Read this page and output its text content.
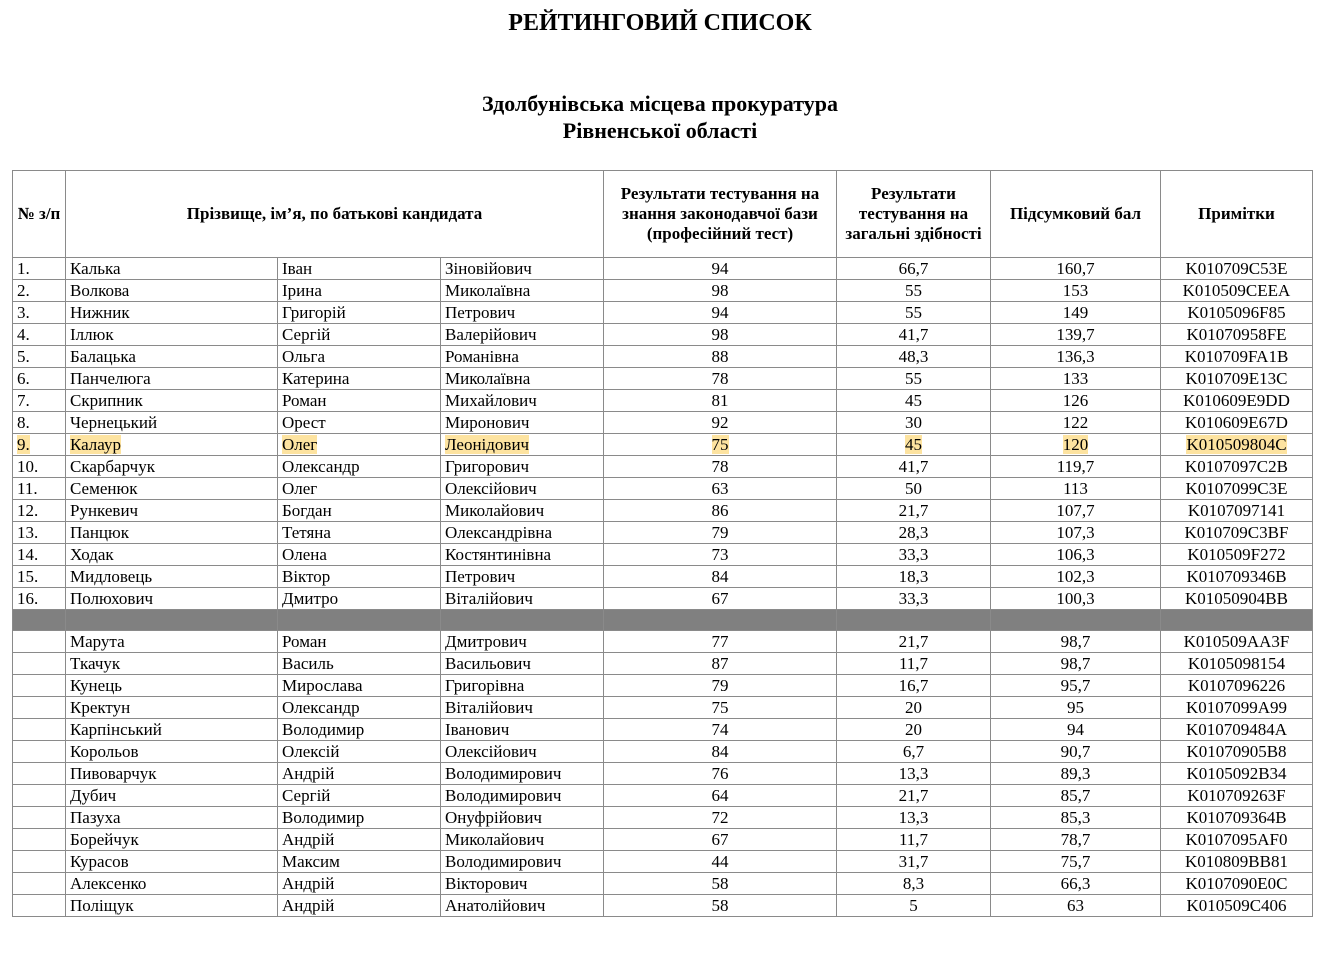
РЕЙТИНГОВИЙ СПИСОК
Здолбунівська місцева прокуратура
Рівненської області
№ з/п	Прізвище, ім’я, по батькові кандидата			Результати тестування на знання законодавчої бази (професійний тест)	Результати тестування на загальні здібності	Підсумковий бал	Примітки
1.	Калька	Іван	Зіновійович	94	66,7	160,7	K010709C53E
2.	Волкова	Ірина	Миколаївна	98	55	153	K010509CEEA
3.	Нижник	Григорій	Петрович	94	55	149	K0105096F85
4.	Іллюк	Сергій	Валерійович	98	41,7	139,7	K01070958FE
5.	Балацька	Ольга	Романівна	88	48,3	136,3	K010709FA1B
6.	Панчелюга	Катерина	Миколаївна	78	55	133	K010709E13C
7.	Скрипник	Роман	Михайлович	81	45	126	K010609E9DD
8.	Чернецький	Орест	Миронович	92	30	122	K010609E67D
9.	Калаур	Олег	Леонідович	75	45	120	K010509804C
10.	Скарбарчук	Олександр	Григорович	78	41,7	119,7	K0107097C2B
11.	Семенюк	Олег	Олексійович	63	50	113	K0107099C3E
12.	Рункевич	Богдан	Миколайович	86	21,7	107,7	K0107097141
13.	Панцюк	Тетяна	Олександрівна	79	28,3	107,3	K010709C3BF
14.	Ходак	Олена	Костянтинівна	73	33,3	106,3	K010509F272
15.	Мидловець	Віктор	Петрович	84	18,3	102,3	K010709346B
16.	Полюхович	Дмитро	Віталійович	67	33,3	100,3	K01050904BB

	Марута	Роман	Дмитрович	77	21,7	98,7	K010509AA3F
	Ткачук	Василь	Васильович	87	11,7	98,7	K0105098154
	Кунець	Мирослава	Григорівна	79	16,7	95,7	K0107096226
	Кректун	Олександр	Віталійович	75	20	95	K0107099A99
	Карпінський	Володимир	Іванович	74	20	94	K010709484A
	Корольов	Олексій	Олексійович	84	6,7	90,7	K01070905B8
	Пивоварчук	Андрій	Володимирович	76	13,3	89,3	K0105092B34
	Дубич	Сергій	Володимирович	64	21,7	85,7	K010709263F
	Пазуха	Володимир	Онуфрійович	72	13,3	85,3	K010709364B
	Борейчук	Андрій	Миколайович	67	11,7	78,7	K0107095AF0
	Курасов	Максим	Володимирович	44	31,7	75,7	K010809BB81
	Алексенко	Андрій	Вікторович	58	8,3	66,3	K0107090E0C
	Поліщук	Андрій	Анатолійович	58	5	63	K010509C406
